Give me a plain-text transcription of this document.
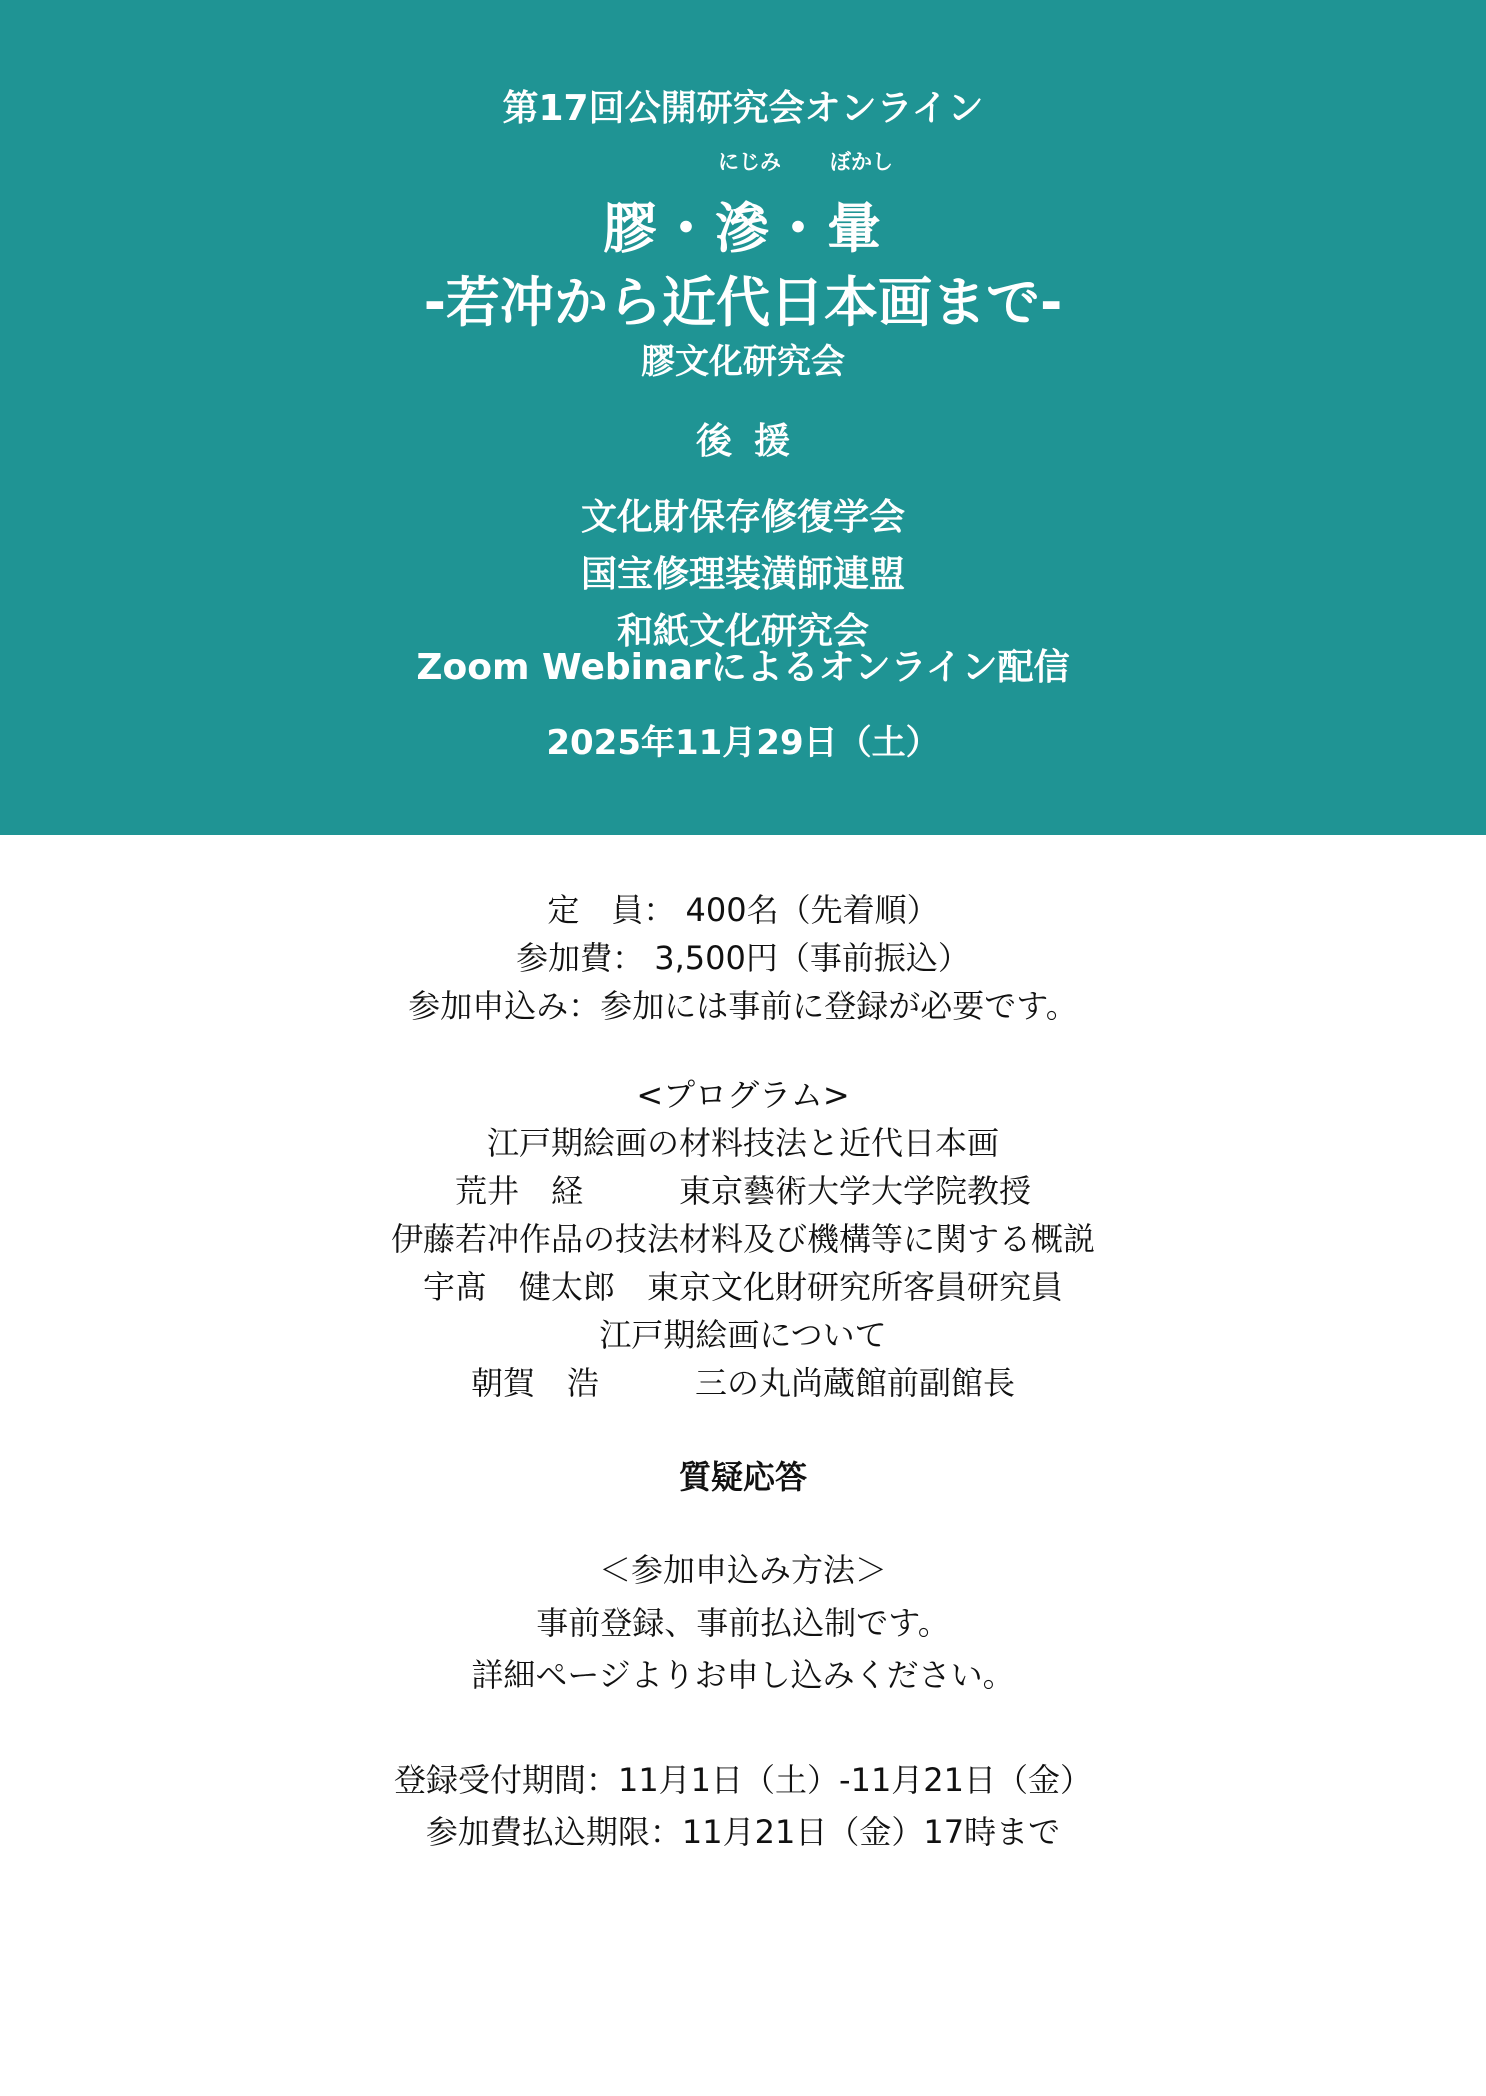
第17回公開研究会オンライン
にじみ ぼかし
膠・滲・暈
-若冲から近代日本画まで-
膠文化研究会
後援
文化財保存修復学会
国宝修理装潢師連盟
和紙文化研究会
Zoom Webinarによるオンライン配信
2025年11月29日（土）
定　員： 400名（先着順）
参加費： 3,500円（事前振込）
参加申込み：参加には事前に登録が必要です。
<プログラム>
江戸期絵画の材料技法と近代日本画
荒井　経　　　東京藝術大学大学院教授
伊藤若冲作品の技法材料及び機構等に関する概説
宇髙　健太郎　東京文化財研究所客員研究員
江戸期絵画について
朝賀　浩　　　三の丸尚蔵館前副館長
質疑応答
＜参加申込み方法＞
事前登録、事前払込制です。
詳細ページよりお申し込みください。
登録受付期間：11月1日（土）-11月21日（金）
参加費払込期限：11月21日（金）17時まで
